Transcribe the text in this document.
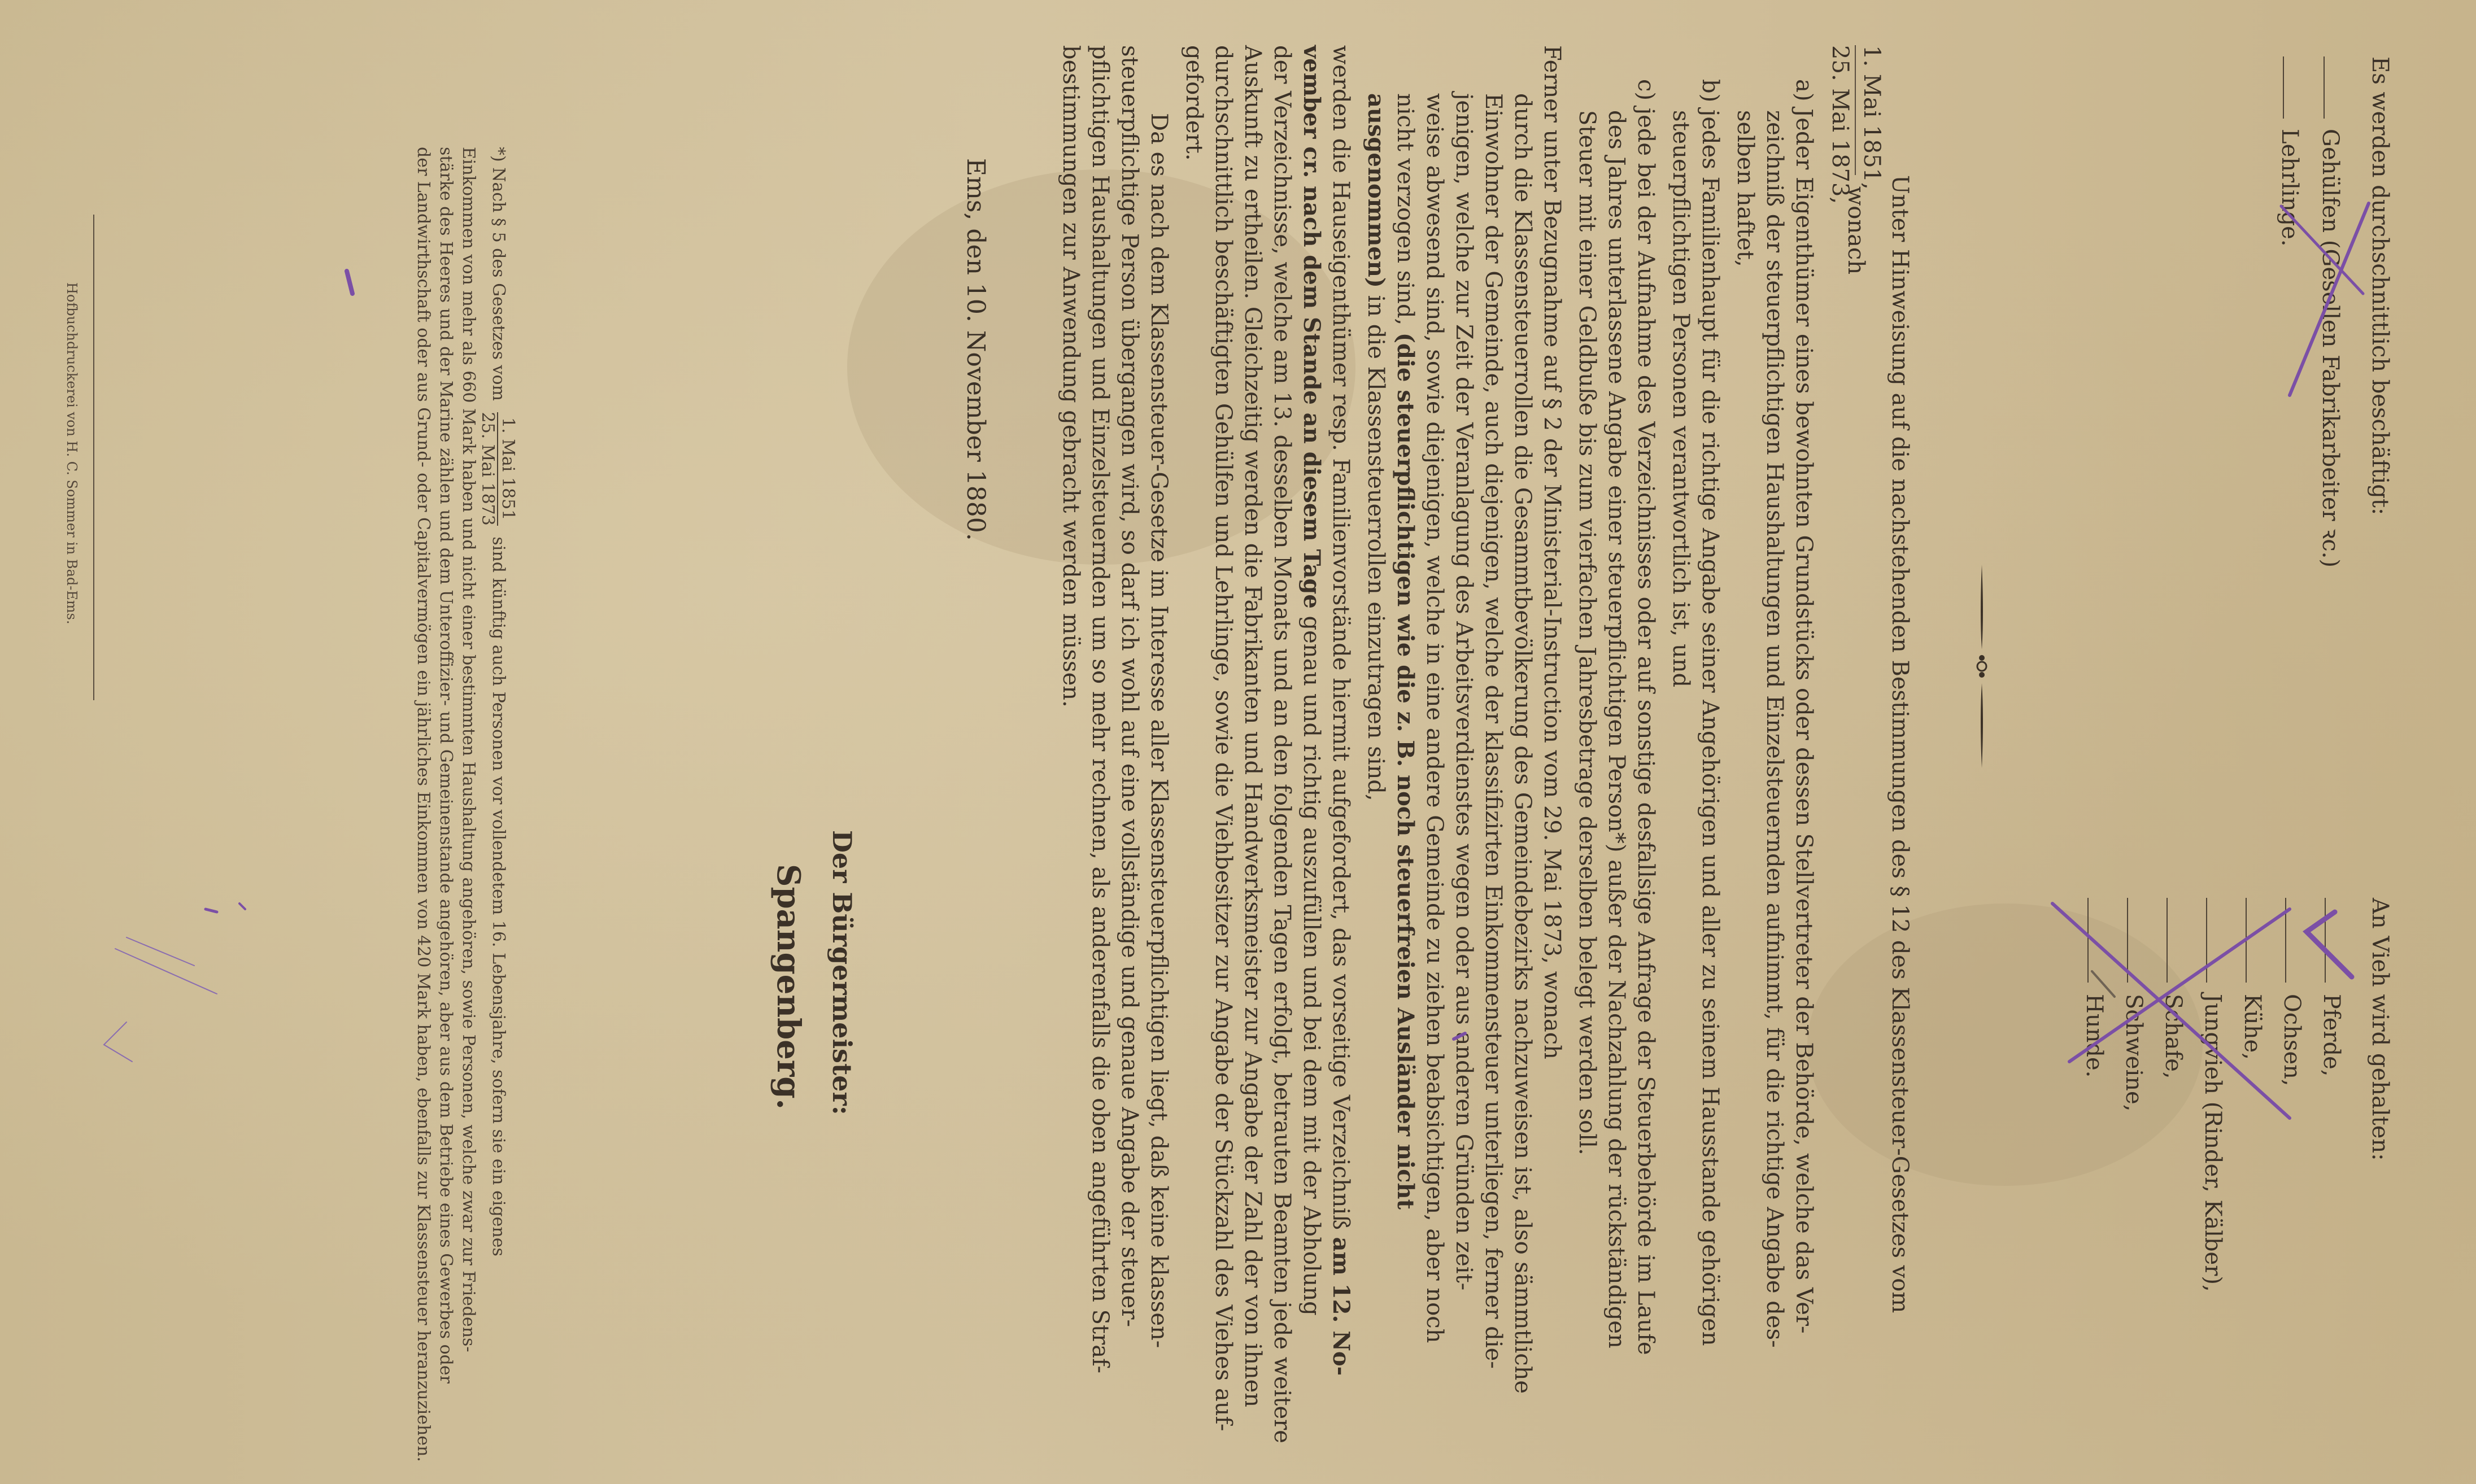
Es werden durchschnittlich beschäftigt:
Gehülfen (Gesellen Fabrikarbeiter ꝛc.)
Lehrlinge.
An Vieh wird gehalten:
Pferde,
Ochsen,
Kühe,
Jungvieh (Rinder, Kälber),
Schafe,
Schweine,
Hunde.
Unter Hinweisung auf die nachstehenden Bestimmungen des § 12 des Klassensteuer-Gesetzes vom
1. Mai 1851,
25. Mai 1873,
wonach
a) Jeder Eigenthümer eines bewohnten Grundstücks oder dessen Stellvertreter der Behörde, welche das Ver-
zeichniß der steuerpflichtigen Haushaltungen und Einzelsteuernden aufnimmt, für die richtige Angabe des-
selben haftet,
b) jedes Familienhaupt für die richtige Angabe seiner Angehörigen und aller zu seinem Hausstande gehörigen
steuerpflichtigen Personen verantwortlich ist, und
c) jede bei der Aufnahme des Verzeichnisses oder auf sonstige desfallsige Anfrage der Steuerbehörde im Laufe
des Jahres unterlassene Angabe einer steuerpflichtigen Person*) außer der Nachzahlung der rückständigen
Steuer mit einer Geldbuße bis zum vierfachen Jahresbetrage derselben belegt werden soll.
Ferner unter Bezugnahme auf § 2 der Ministerial-Instruction vom 29. Mai 1873, wonach
durch die Klassensteuerrollen die Gesammtbevölkerung des Gemeindebezirks nachzuweisen ist, also sämmtliche
Einwohner der Gemeinde, auch diejenigen, welche der klassifizirten Einkommensteuer unterliegen, ferner die-
jenigen, welche zur Zeit der Veranlagung des Arbeitsverdienstes wegen oder aus anderen Gründen zeit-
weise abwesend sind, sowie diejenigen, welche in eine andere Gemeinde zu ziehen beabsichtigen, aber noch
nicht verzogen sind, (die steuerpflichtigen wie die z. B. noch steuerfreien Ausländer nicht
ausgenommen) in die Klassensteuerrollen einzutragen sind,
werden die Hauseigenthümer resp. Familienvorstände hiermit aufgefordert, das vorseitige Verzeichniß am 12. No-
vember cr. nach dem Stande an diesem Tage genau und richtig auszufüllen und bei dem mit der Abholung
der Verzeichnisse, welche am 13. desselben Monats und an den folgenden Tagen erfolgt, betrauten Beamten jede weitere
Auskunft zu ertheilen. Gleichzeitig werden die Fabrikanten und Handwerksmeister zur Angabe der Zahl der von ihnen
durchschnittlich beschäftigten Gehülfen und Lehrlinge, sowie die Viehbesitzer zur Angabe der Stückzahl des Viehes auf-
gefordert.
Da es nach dem Klassensteuer-Gesetze im Interesse aller Klassensteuerpflichtigen liegt, daß keine klassen-
steuerpflichtige Person übergangen wird, so darf ich wohl auf eine vollständige und genaue Angabe der steuer-
pflichtigen Haushaltungen und Einzelsteuernden um so mehr rechnen, als anderenfalls die oben angeführten Straf-
bestimmungen zur Anwendung gebracht werden müssen.
*) Nach § 5 des Gesetzes vom
1. Mai 1851
25. Mai 1873
sind künftig auch Personen vor vollendetem 16. Lebensjahre, sofern sie ein eigenes
Einkommen von mehr als 660 Mark haben und nicht einer bestimmten Haushaltung angehören, sowie Personen, welche zwar zur Friedens-
stärke des Heeres und der Marine zählen und dem Unteroffizier- und Gemeinenstande angehören, aber aus dem Betriebe eines Gewerbes oder
der Landwirthschaft oder aus Grund- oder Capitalvermögen ein jährliches Einkommen von 420 Mark haben, ebenfalls zur Klassensteuer heranzuziehen.	Ems, den 10. November 1880.
Der Bürgermeister:
Spangenberg.
Hofbuchdruckerei von H. C. Sommer in Bad-Ems.
